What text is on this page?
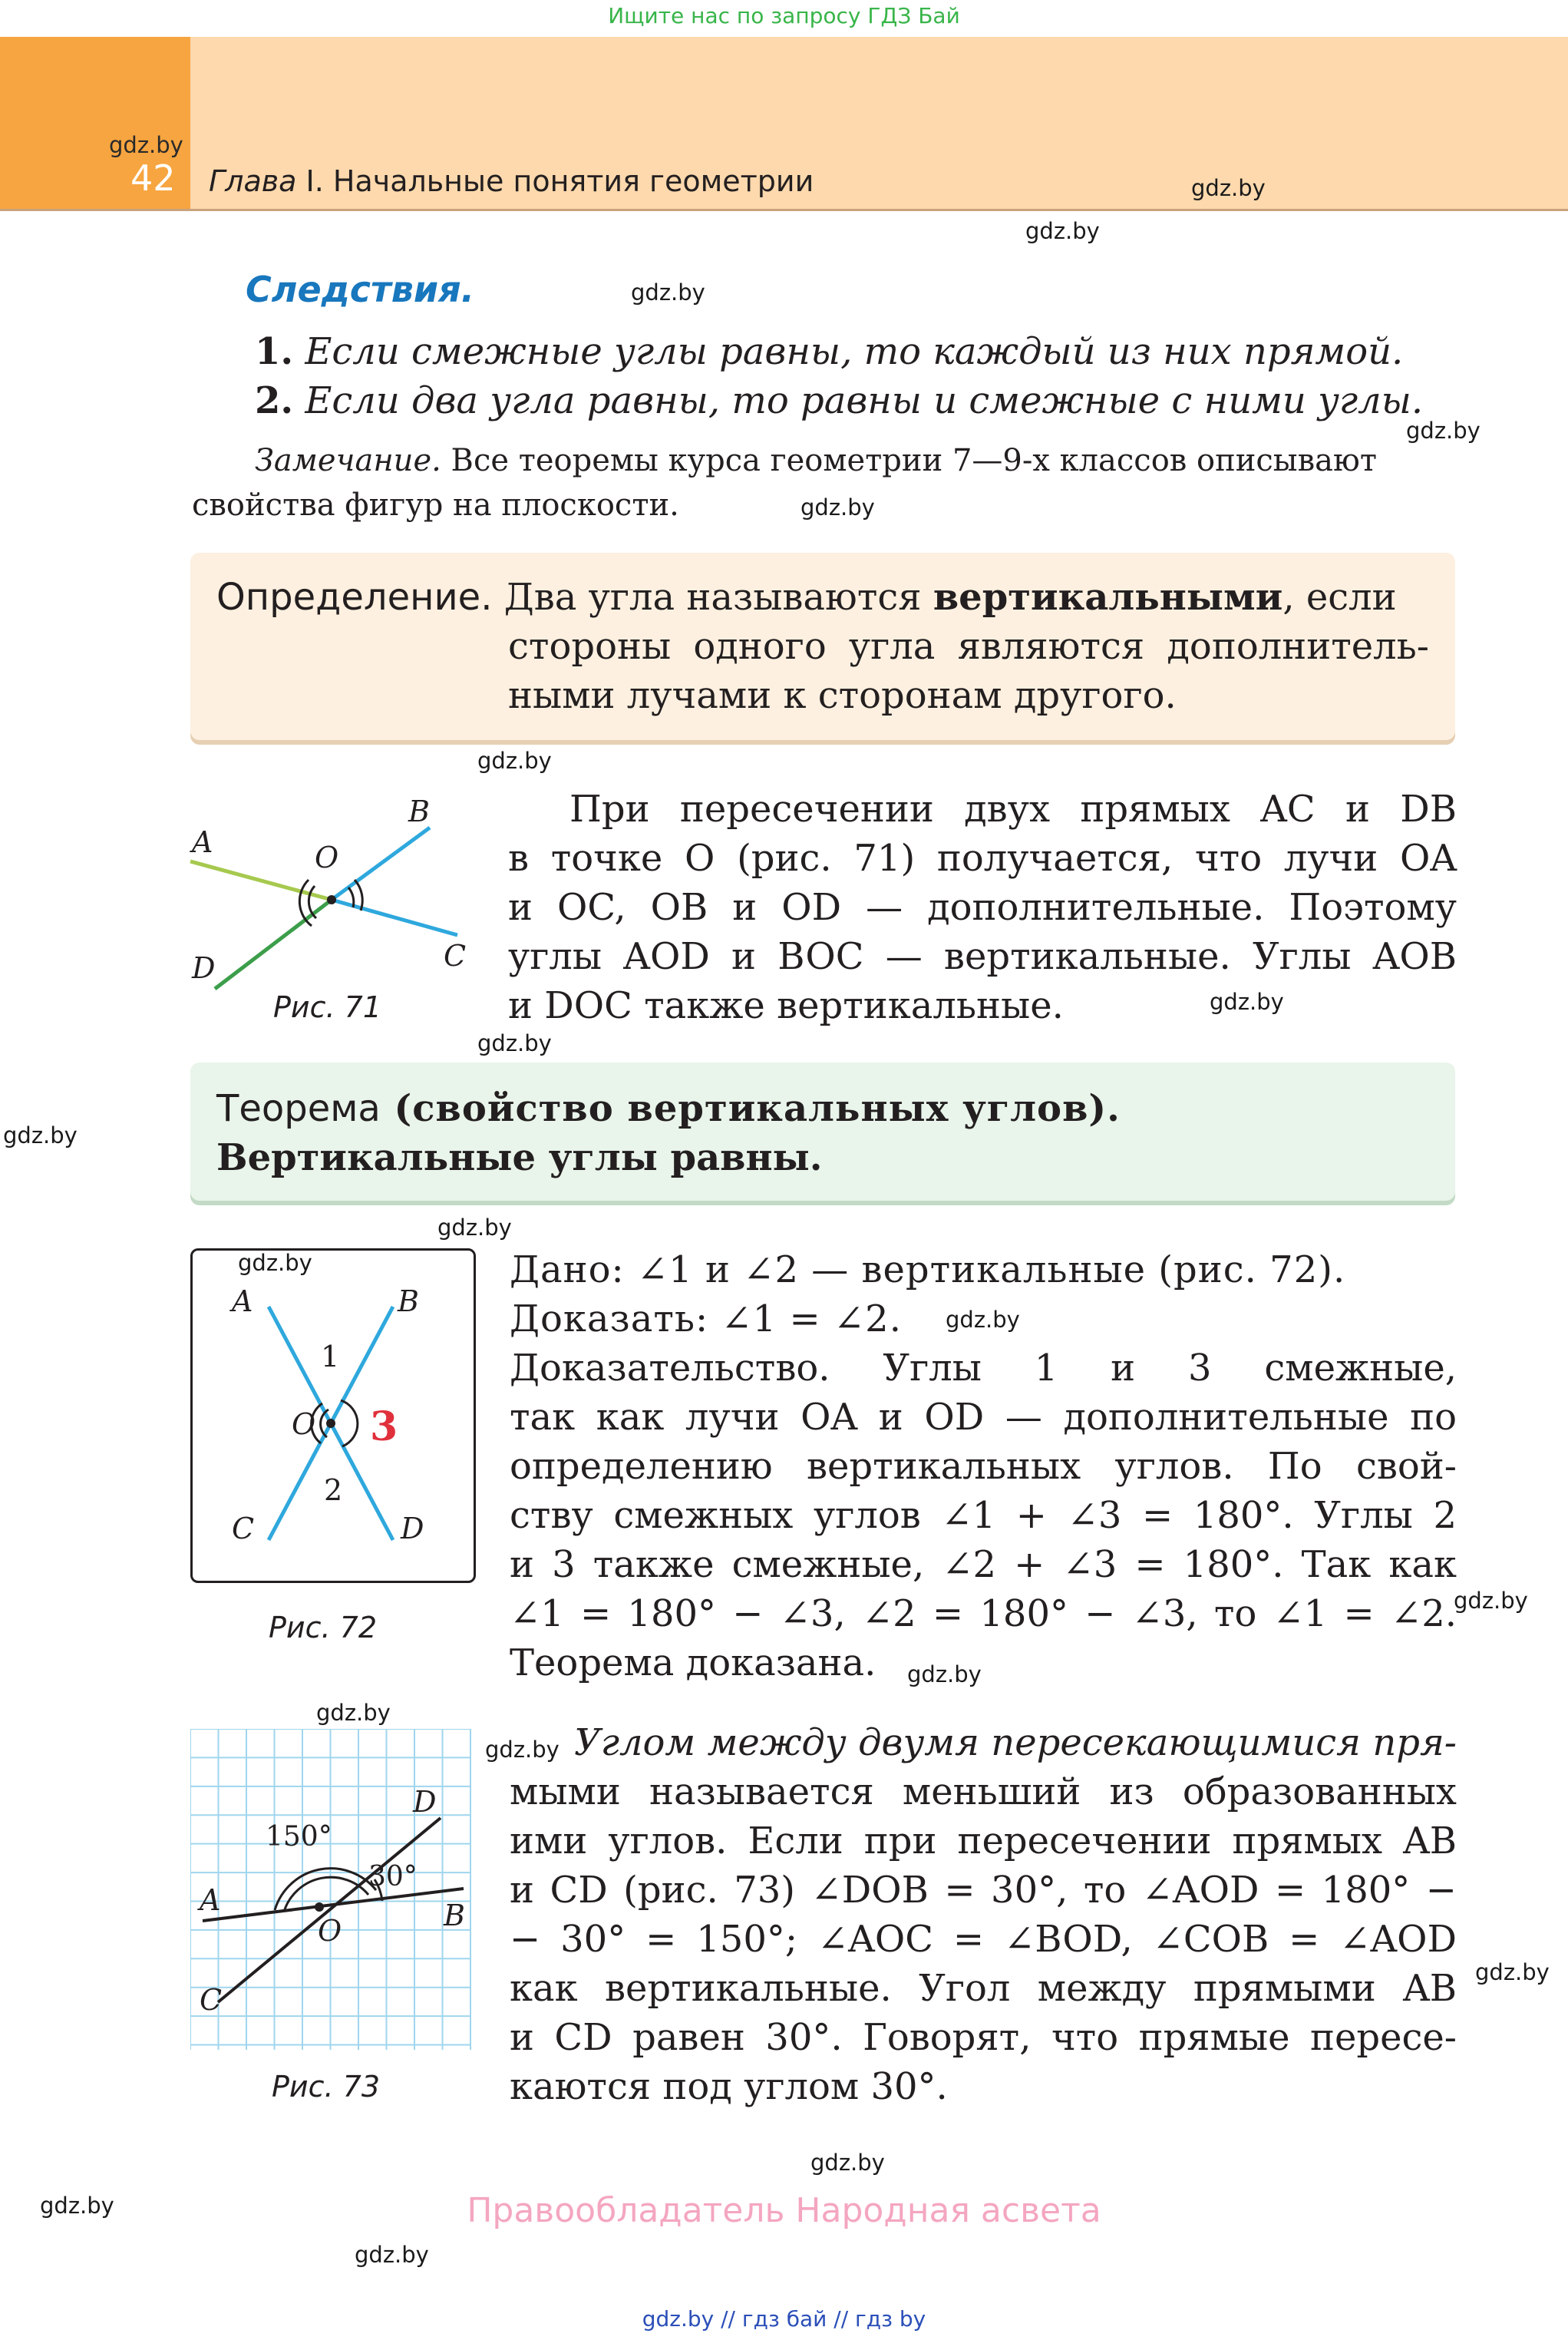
Ищите нас по запросу ГДЗ Бай
42 Глава I. Начальные понятия геометрии
gdz.by
gdz.by
gdz.by
gdz.by
gdz.by
gdz.by
gdz.by
gdz.by
gdz.by
gdz.by
gdz.by
gdz.by
gdz.by
gdz.by
gdz.by
gdz.by
gdz.by
gdz.by
gdz.by
gdz.by
gdz.by
Следствия.
1. Если смежные углы равны, то каждый из них прямой.
2. Если два угла равны, то равны и смежные с ними углы.
Замечание. Все теоремы курса геометрии 7—9-х классов описывают
свойства фигур на плоскости.
Определение. Два угла называются вертикальными, если
стороны одного угла являются дополнитель-
ными лучами к сторонам другого.
A
B
C
D
O
Рис. 71
При пересечении двух прямых AC и DB
в точке O (рис. 71) получается, что лучи OA
и OC, OB и OD — дополнительные. Поэтому
углы AOD и BOC — вертикальные. Углы AOB
и DOC также вертикальные.
Теорема (свойство вертикальных углов).
Вертикальные углы равны.
A	B
C	D
O
1
2
3
Рис. 72
Дано: ∠1 и ∠2 — вертикальные (рис. 72).
Доказать: ∠1 = ∠2.
Доказательство. Углы 1 и 3 смежные,
так как лучи OA и OD — дополнительные по
определению вертикальных углов. По свой-
ству смежных углов ∠1 + ∠3 = 180°. Углы 2
и 3 также смежные, ∠2 + ∠3 = 180°. Так как
∠1 = 180° − ∠3, ∠2 = 180° − ∠3, то ∠1 = ∠2.
Теорема доказана.
A	B
C
D
O
150°
30°
Рис. 73
Углом между двумя пересекающимися пря-
мыми называется меньший из образованных
ими углов. Если при пересечении прямых AB
и CD (рис. 73) ∠DOB = 30°, то ∠AOD = 180° −
− 30° = 150°; ∠AOC = ∠BOD, ∠COB = ∠AOD
как вертикальные. Угол между прямыми AB
и CD равен 30°. Говорят, что прямые пересе-
каются под углом 30°.
Правообладатель Народная асвета
gdz.by // гдз бай // гдз by
